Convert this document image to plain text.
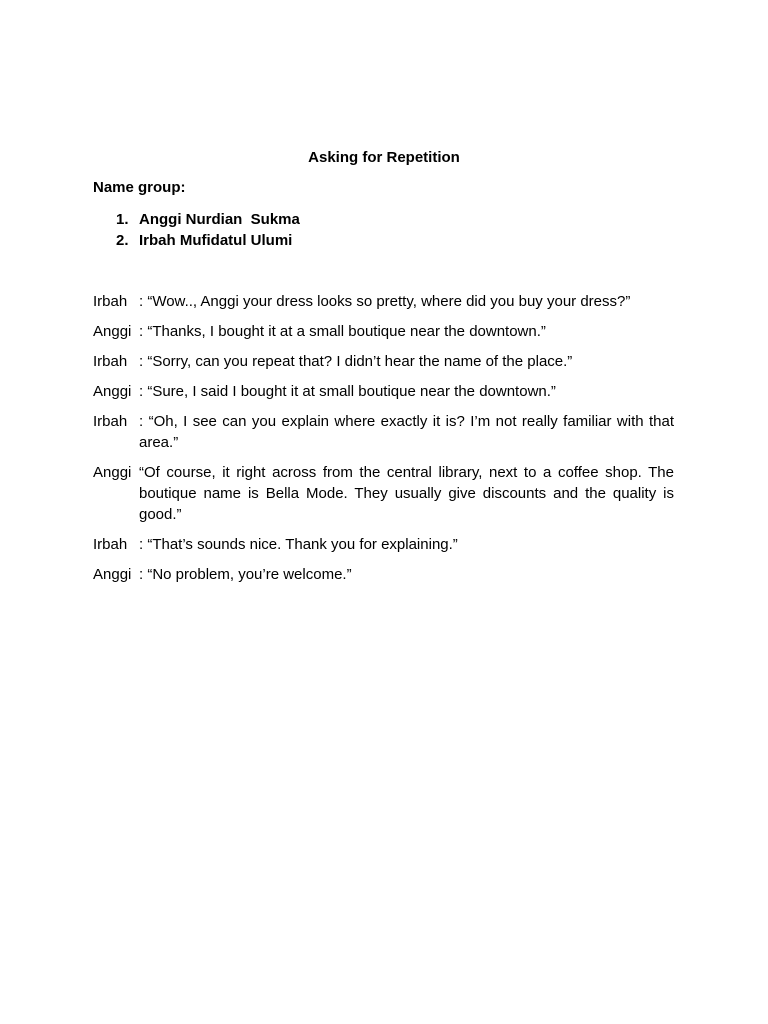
Asking for Repetition
Name group:
1. Anggi Nurdian  Sukma
2. Irbah Mufidatul Ulumi
Irbah : “Wow.., Anggi your dress looks so pretty, where did you buy your dress?”
Anggi : “Thanks, I bought it at a small boutique near the downtown.”
Irbah : “Sorry, can you repeat that? I didn’t hear the name of the place.”
Anggi : “Sure, I said I bought it at small boutique near the downtown.”
Irbah : “Oh, I see can you explain where exactly it is? I’m not really familiar with that area.”
Anggi “Of course, it right across from the central library, next to a coffee shop. The boutique name is Bella Mode. They usually give discounts and the quality is good.”
Irbah : “That’s sounds nice. Thank you for explaining.”
Anggi : “No problem, you’re welcome.”
